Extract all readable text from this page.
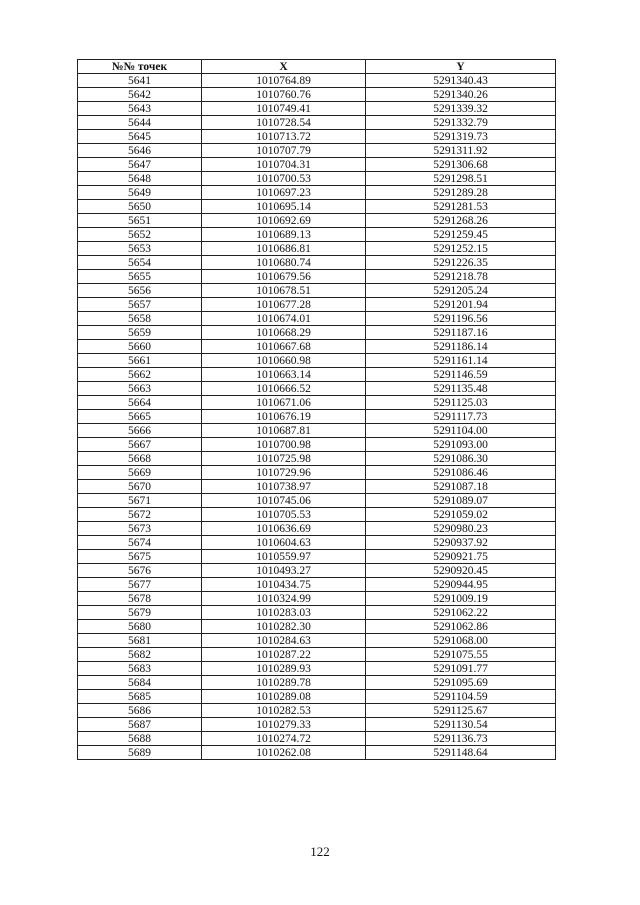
№№ точек	X	Y
5641	1010764.89	5291340.43
5642	1010760.76	5291340.26
5643	1010749.41	5291339.32
5644	1010728.54	5291332.79
5645	1010713.72	5291319.73
5646	1010707.79	5291311.92
5647	1010704.31	5291306.68
5648	1010700.53	5291298.51
5649	1010697.23	5291289.28
5650	1010695.14	5291281.53
5651	1010692.69	5291268.26
5652	1010689.13	5291259.45
5653	1010686.81	5291252.15
5654	1010680.74	5291226.35
5655	1010679.56	5291218.78
5656	1010678.51	5291205.24
5657	1010677.28	5291201.94
5658	1010674.01	5291196.56
5659	1010668.29	5291187.16
5660	1010667.68	5291186.14
5661	1010660.98	5291161.14
5662	1010663.14	5291146.59
5663	1010666.52	5291135.48
5664	1010671.06	5291125.03
5665	1010676.19	5291117.73
5666	1010687.81	5291104.00
5667	1010700.98	5291093.00
5668	1010725.98	5291086.30
5669	1010729.96	5291086.46
5670	1010738.97	5291087.18
5671	1010745.06	5291089.07
5672	1010705.53	5291059.02
5673	1010636.69	5290980.23
5674	1010604.63	5290937.92
5675	1010559.97	5290921.75
5676	1010493.27	5290920.45
5677	1010434.75	5290944.95
5678	1010324.99	5291009.19
5679	1010283.03	5291062.22
5680	1010282.30	5291062.86
5681	1010284.63	5291068.00
5682	1010287.22	5291075.55
5683	1010289.93	5291091.77
5684	1010289.78	5291095.69
5685	1010289.08	5291104.59
5686	1010282.53	5291125.67
5687	1010279.33	5291130.54
5688	1010274.72	5291136.73
5689	1010262.08	5291148.64
122
